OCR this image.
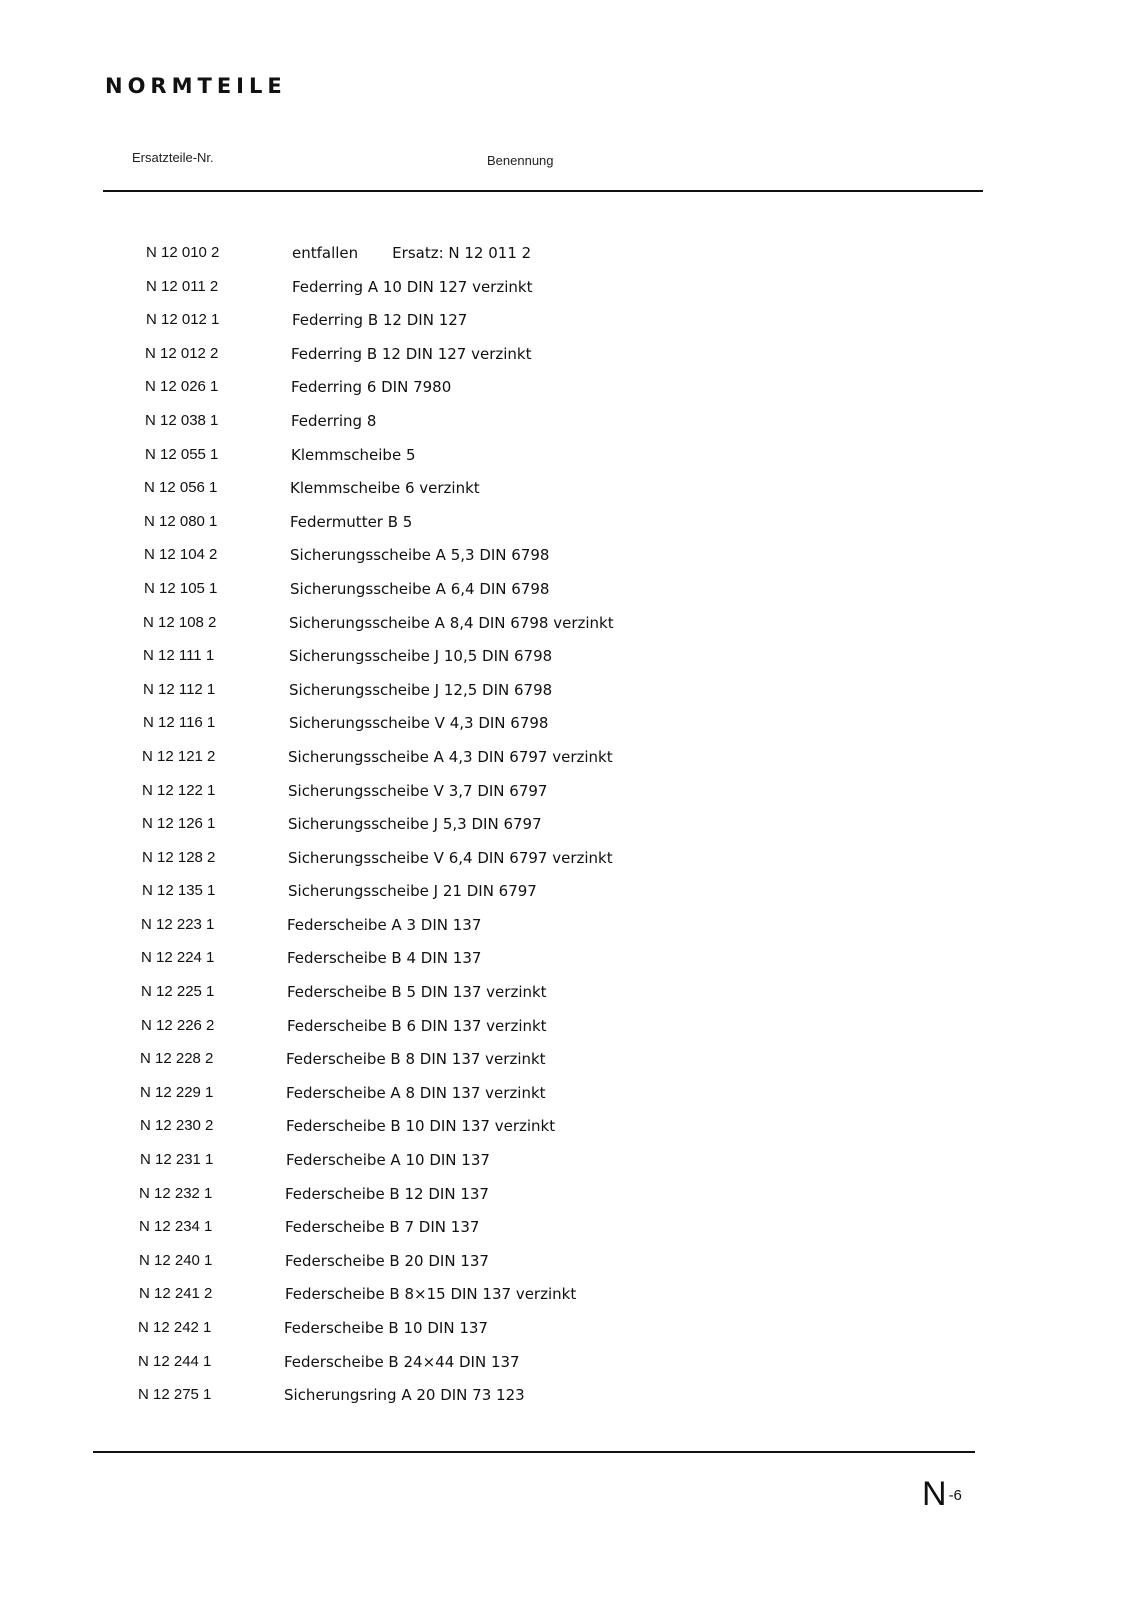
NORMTEILE
Ersatzteile-Nr.	Benennung
N 12 010 2	entfallen Ersatz: N 12 011 2
N 12 011 2	Federring A 10 DIN 127 verzinkt
N 12 012 1	Federring B 12 DIN 127
N 12 012 2	Federring B 12 DIN 127 verzinkt
N 12 026 1	Federring 6 DIN 7980
N 12 038 1	Federring 8
N 12 055 1	Klemmscheibe 5
N 12 056 1	Klemmscheibe 6 verzinkt
N 12 080 1	Federmutter B 5
N 12 104 2	Sicherungsscheibe A 5,3 DIN 6798
N 12 105 1	Sicherungsscheibe A 6,4 DIN 6798
N 12 108 2	Sicherungsscheibe A 8,4 DIN 6798 verzinkt
N 12 111 1	Sicherungsscheibe J 10,5 DIN 6798
N 12 112 1	Sicherungsscheibe J 12,5 DIN 6798
N 12 116 1	Sicherungsscheibe V 4,3 DIN 6798
N 12 121 2	Sicherungsscheibe A 4,3 DIN 6797 verzinkt
N 12 122 1	Sicherungsscheibe V 3,7 DIN 6797
N 12 126 1	Sicherungsscheibe J 5,3 DIN 6797
N 12 128 2	Sicherungsscheibe V 6,4 DIN 6797 verzinkt
N 12 135 1	Sicherungsscheibe J 21 DIN 6797
N 12 223 1	Federscheibe A 3 DIN 137
N 12 224 1	Federscheibe B 4 DIN 137
N 12 225 1	Federscheibe B 5 DIN 137 verzinkt
N 12 226 2	Federscheibe B 6 DIN 137 verzinkt
N 12 228 2	Federscheibe B 8 DIN 137 verzinkt
N 12 229 1	Federscheibe A 8 DIN 137 verzinkt
N 12 230 2	Federscheibe B 10 DIN 137 verzinkt
N 12 231 1	Federscheibe A 10 DIN 137
N 12 232 1	Federscheibe B 12 DIN 137
N 12 234 1	Federscheibe B 7 DIN 137
N 12 240 1	Federscheibe B 20 DIN 137
N 12 241 2	Federscheibe B 8×15 DIN 137 verzinkt
N 12 242 1	Federscheibe B 10 DIN 137
N 12 244 1	Federscheibe B 24×44 DIN 137
N 12 275 1	Sicherungsring A 20 DIN 73 123
N -6
